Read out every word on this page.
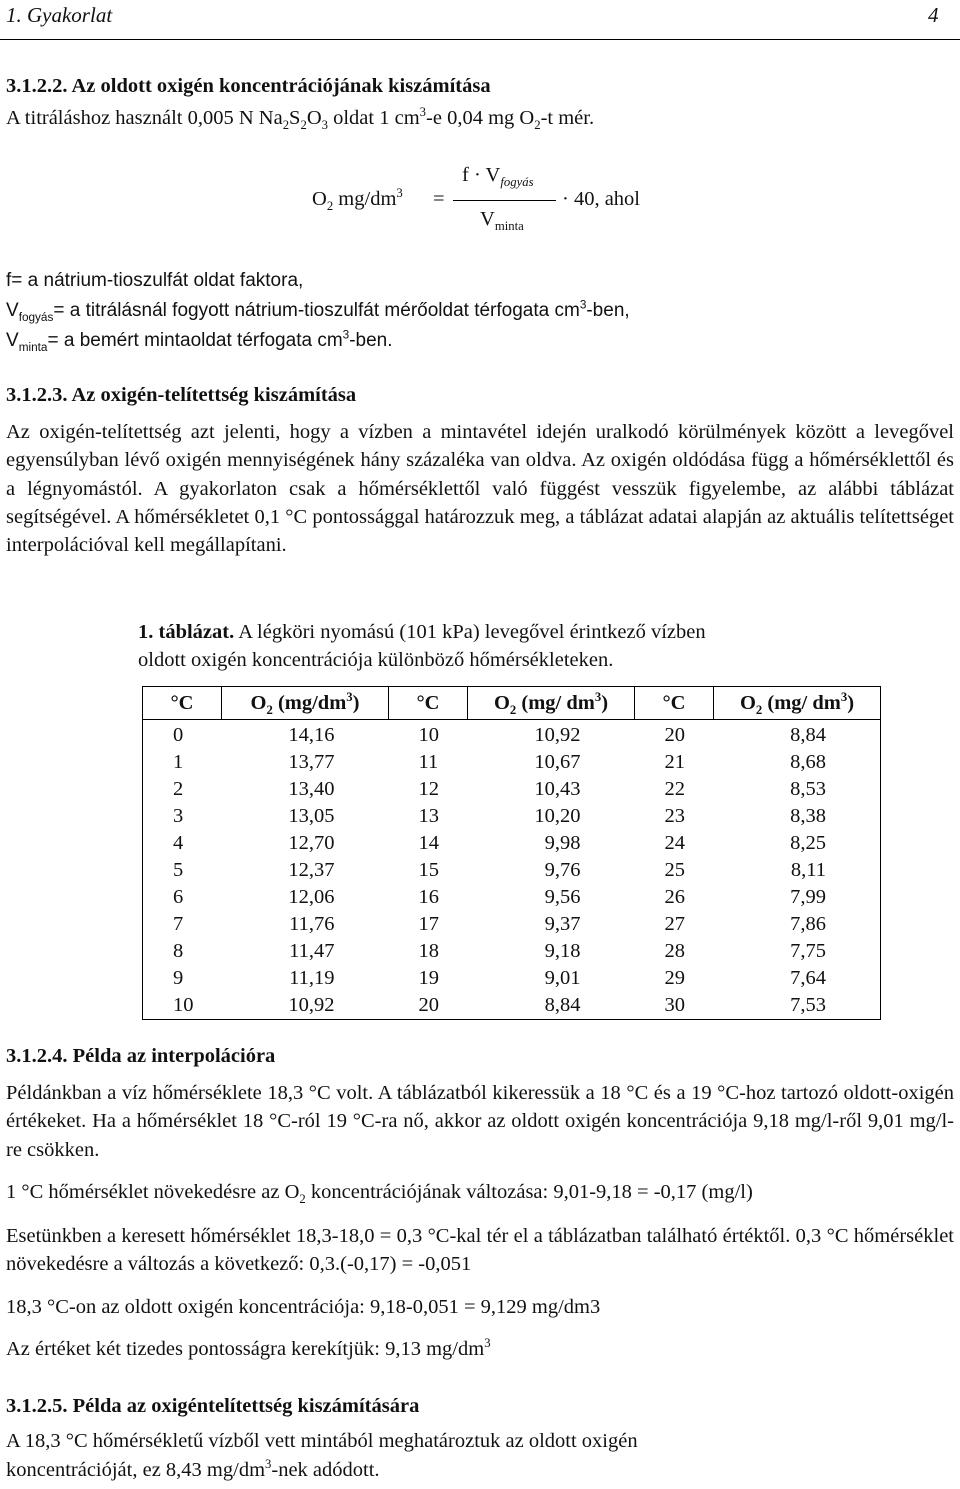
1. Gyakorlat	4
3.1.2.2. Az oldott oxigén koncentrációjának kiszámítása
A titráláshoz használt 0,005 N $Na_2S_2O_3$ oldat 1 $cm^3-e$ 0,04 mg $O_2-t$ mér.
$O_2$ $mg/dm^3$ =
$f \cdot V_{fogyás}$
$V_{minta}$
· 40, ahol
f= a nátrium-tioszulfát oldat faktora,
$V_{fogyás}= a$ titrálásnál fogyott nátrium-tioszulfát mérőoldat térfogata $cm^3$-ben,
$V_{minta}= a$ bemért mintaoldat térfogata $cm^3$-ben.
3.1.2.3. Az oxigén-telítettség kiszámítása
Az oxigén-telítettség azt jelenti, hogy a vízben a mintavétel idején uralkodó körülmények között a levegővel egyensúlyban lévő oxigén mennyiségének hány százaléka van oldva. Az oxigén oldódása függ a hőmérséklettől és a légnyomástól. A gyakorlaton csak a hőmérséklettől való függést vesszük figyelembe, az alábbi táblázat segítségével. A hőmérsékletet 0,1 °C pontossággal határozzuk meg, a táblázat adatai alapján az aktuális telítettséget interpolációval kell megállapítani.
1. táblázat. A légköri nyomású (101 kPa) levegővel érintkező vízben
oldott oxigén koncentrációja különböző hőmérsékleteken.
°C	$O_2$ $(mg/dm^3)$	°C	$O_2$ (mg/ $dm^3$)	°C	$O_2$ (mg/ $dm^3$)
0	14,16	10	10,92	20	8,84
1	13,77	11	10,67	21	8,68
2	13,40	12	10,43	22	8,53
3	13,05	13	10,20	23	8,38
4	12,70	14	9,98	24	8,25
5	12,37	15	9,76	25	8,11
6	12,06	16	9,56	26	7,99
7	11,76	17	9,37	27	7,86
8	11,47	18	9,18	28	7,75
9	11,19	19	9,01	29	7,64
10	10,92	20	8,84	30	7,53
3.1.2.4. Példa az interpolációra
Példánkban a víz hőmérséklete 18,3 °C volt. A táblázatból kikeressük a 18 °C és a 19 °C-hoz tartozó oldott-oxigén értékeket. Ha a hőmérséklet 18 °C-ról 19 °C-ra nő, akkor az oldott oxigén koncentrációja 9,18 mg/l-ről 9,01 mg/l-re csökken.
1 °C hőmérséklet növekedésre az $O_2$ koncentrációjának változása: 9,01-9,18 = -0,17 (mg/l)
Esetünkben a keresett hőmérséklet 18,3-18,0 = 0,3 °C-kal tér el a táblázatban található értéktől. 0,3 °C hőmérséklet növekedésre a változás a következő: 0,3.(-0,17) = -0,051
18,3 °C-on az oldott oxigén koncentrációja: 9,18-0,051 = 9,129 mg/dm3
Az értéket két tizedes pontosságra kerekítjük: 9,13 $mg/dm^3$
3.1.2.5. Példa az oxigéntelítettség kiszámítására
A 18,3 °C hőmérsékletű vízből vett mintából meghatároztuk az oldott oxigén
koncentrációját, ez 8,43 $mg/dm^3$-nek adódott.
